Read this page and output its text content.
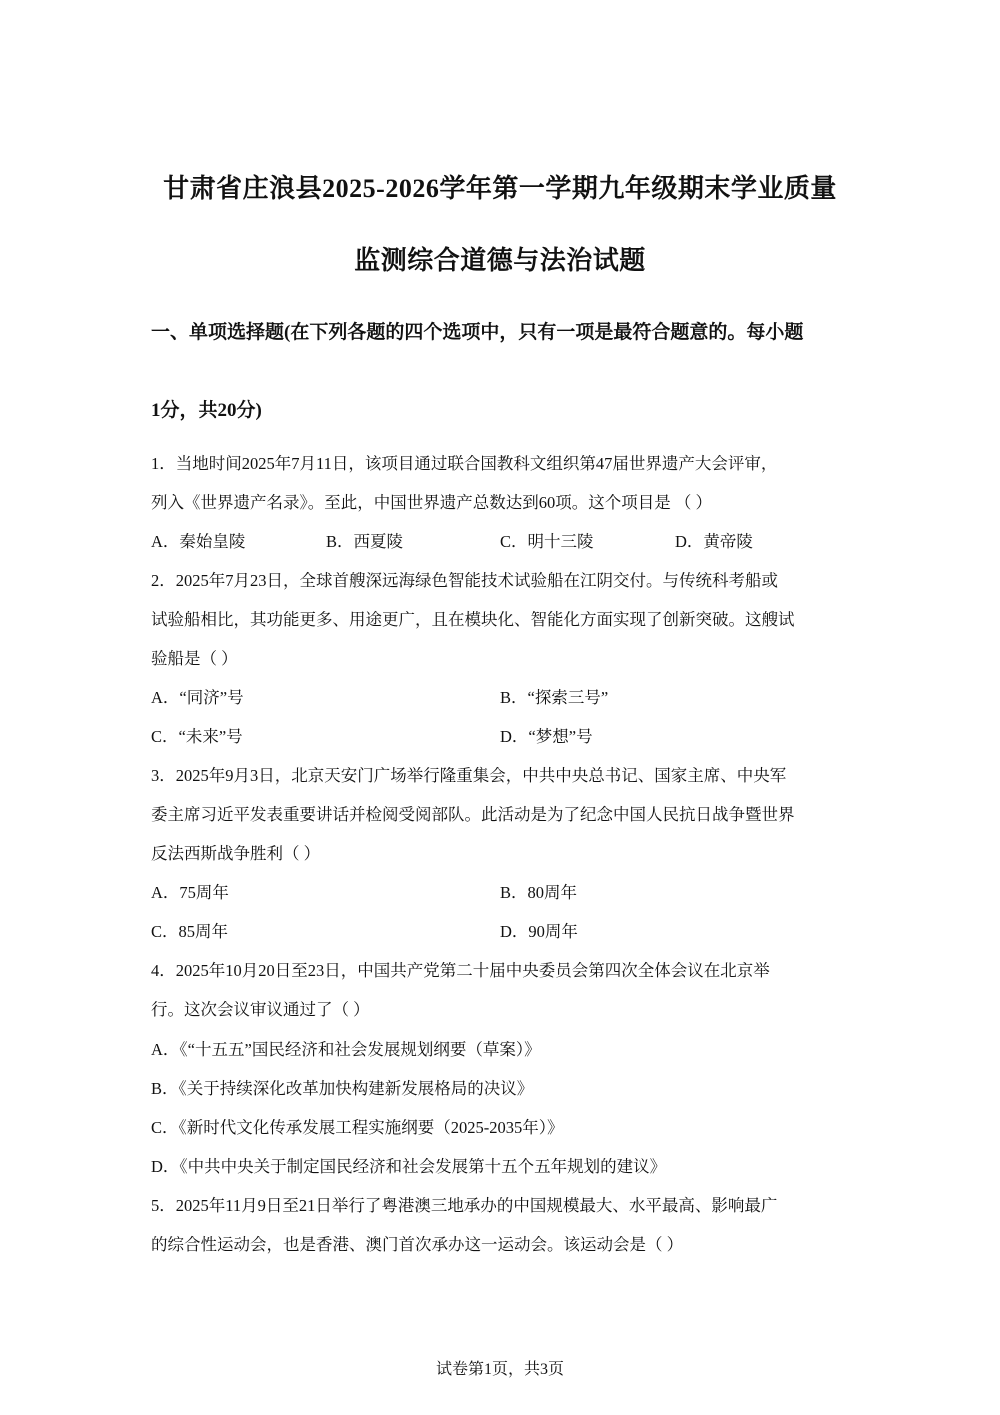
甘肃省庄浪县2025-2026学年第一学期九年级期末学业质量
监测综合道德与法治试题
一、单项选择题(在下列各题的四个选项中，只有一项是最符合题意的。每小题
1分，共20分)
1．当地时间2025年7月11日，该项目通过联合国教科文组织第47届世界遗产大会评审，
列入《世界遗产名录》。至此，中国世界遗产总数达到60项。这个项目是 （ ）
A．秦始皇陵	B．西夏陵	C．明十三陵	D．黄帝陵
2．2025年7月23日，全球首艘深远海绿色智能技术试验船在江阴交付。与传统科考船或
试验船相比，其功能更多、用途更广，且在模块化、智能化方面实现了创新突破。这艘试
验船是（ ）
A．“同济”号	B．“探索三号”
C．“未来”号	D．“梦想”号
3．2025年9月3日，北京天安门广场举行隆重集会，中共中央总书记、国家主席、中央军
委主席习近平发表重要讲话并检阅受阅部队。此活动是为了纪念中国人民抗日战争暨世界
反法西斯战争胜利（ ）
A．75周年	B．80周年
C．85周年	D．90周年
4．2025年10月20日至23日，中国共产党第二十届中央委员会第四次全体会议在北京举
行。这次会议审议通过了（ ）
A．《“十五五”国民经济和社会发展规划纲要（草案）》
B．《关于持续深化改革加快构建新发展格局的决议》
C．《新时代文化传承发展工程实施纲要（2025-2035年）》
D．《中共中央关于制定国民经济和社会发展第十五个五年规划的建议》
5．2025年11月9日至21日举行了粤港澳三地承办的中国规模最大、水平最高、影响最广
的综合性运动会，也是香港、澳门首次承办这一运动会。该运动会是（ ）
试卷第1页，共3页
